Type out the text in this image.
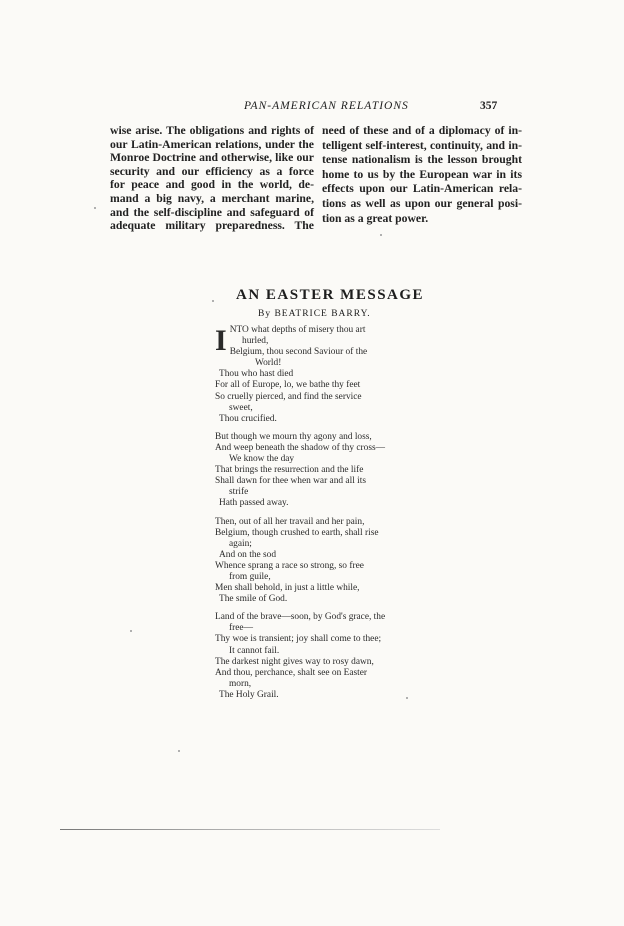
PAN-AMERICAN RELATIONS	357
wise arise. The obligations and rights of
our Latin-American relations, under the
Monroe Doctrine and otherwise, like our
security and our efficiency as a force
for peace and good in the world, de-
mand a big navy, a merchant marine,
and the self-discipline and safeguard of
adequate military preparedness. The
need of these and of a diplomacy of in-
telligent self-interest, continuity, and in-
tense nationalism is the lesson brought
home to us by the European war in its
effects upon our Latin-American rela-
tions as well as upon our general posi-
tion as a great power.
AN EASTER MESSAGE
By BEATRICE BARRY.
I NTO what depths of misery thou art
hurled,
Belgium, thou second Saviour of the
World!
Thou who hast died
For all of Europe, lo, we bathe thy feet
So cruelly pierced, and find the service
sweet,
Thou crucified.
But though we mourn thy agony and loss,
And weep beneath the shadow of thy cross—
We know the day
That brings the resurrection and the life
Shall dawn for thee when war and all its
strife
Hath passed away.
Then, out of all her travail and her pain,
Belgium, though crushed to earth, shall rise
again;
And on the sod
Whence sprang a race so strong, so free
from guile,
Men shall behold, in just a little while,
The smile of God.
Land of the brave—soon, by God's grace, the
free—
Thy woe is transient; joy shall come to thee;
It cannot fail.
The darkest night gives way to rosy dawn,
And thou, perchance, shalt see on Easter
morn,
The Holy Grail.
